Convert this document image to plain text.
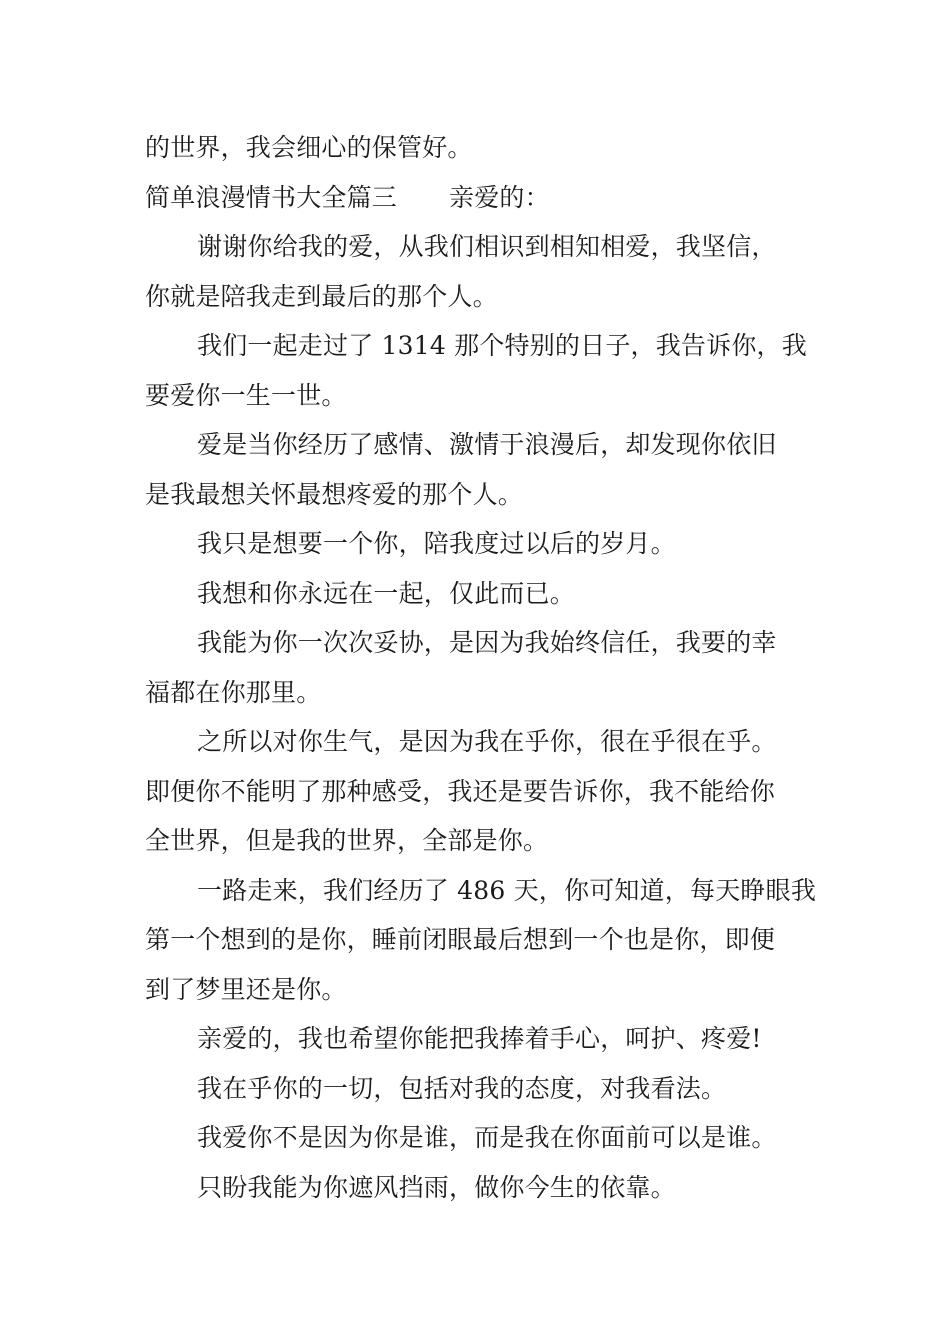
的世界，我会细心的保管好。
简单浪漫情书大全篇三 亲爱的：
谢谢你给我的爱，从我们相识到相知相爱，我坚信，
你就是陪我走到最后的那个人。
我们一起走过了 1314 那个特别的日子，我告诉你，我
要爱你一生一世。
爱是当你经历了感情、激情于浪漫后，却发现你依旧
是我最想关怀最想疼爱的那个人。
我只是想要一个你，陪我度过以后的岁月。
我想和你永远在一起，仅此而已。
我能为你一次次妥协，是因为我始终信任，我要的幸
福都在你那里。
之所以对你生气，是因为我在乎你，很在乎很在乎。
即便你不能明了那种感受，我还是要告诉你，我不能给你
全世界，但是我的世界，全部是你。
一路走来，我们经历了 486 天，你可知道，每天睁眼我
第一个想到的是你，睡前闭眼最后想到一个也是你，即便
到了梦里还是你。
亲爱的，我也希望你能把我捧着手心，呵护、疼爱!
我在乎你的一切，包括对我的态度，对我看法。
我爱你不是因为你是谁，而是我在你面前可以是谁。
只盼我能为你遮风挡雨，做你今生的依靠。
